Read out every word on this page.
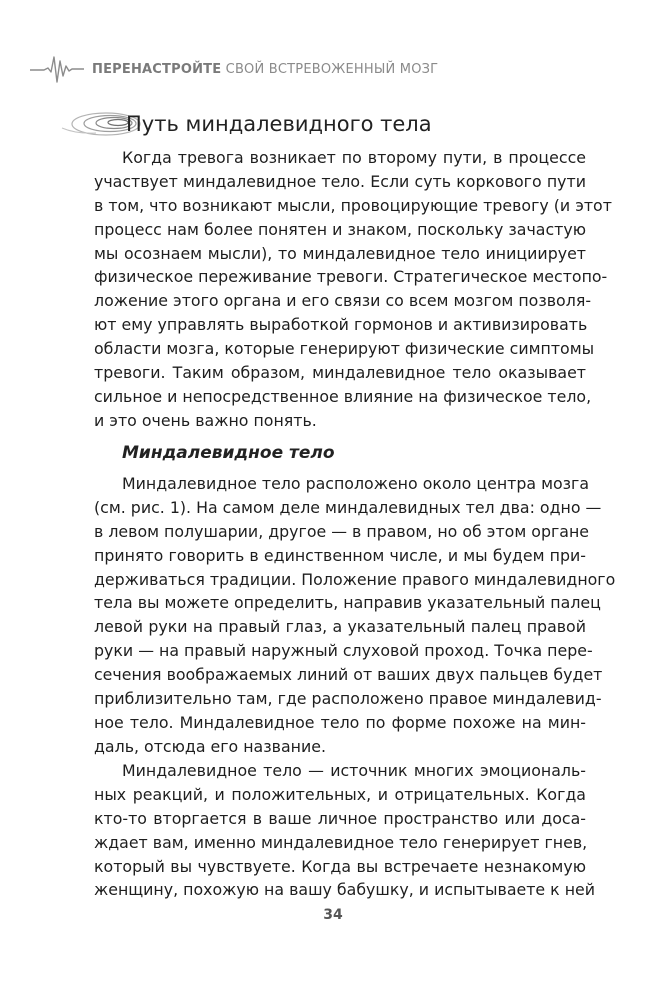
ПЕРЕНАСТРОЙТЕ СВОЙ ВСТРЕВОЖЕННЫЙ МОЗГ
Путь миндалевидного тела
Когда тревога возникает по второму пути, в процессе
участвует миндалевидное тело. Если суть коркового пути
в том, что возникают мысли, провоцирующие тревогу (и этот
процесс нам более понятен и знаком, поскольку зачастую
мы осознаем мысли), то миндалевидное тело инициирует
физическое переживание тревоги. Стратегическое местопо-
ложение этого органа и его связи со всем мозгом позволя-
ют ему управлять выработкой гормонов и активизировать
области мозга, которые генерируют физические симптомы
тревоги. Таким образом, миндалевидное тело оказывает
сильное и непосредственное влияние на физическое тело,
и это очень важно понять.
Миндалевидное тело
Миндалевидное тело расположено около центра мозга
(см. рис. 1). На самом деле миндалевидных тел два: одно —
в левом полушарии, другое — в правом, но об этом органе
принято говорить в единственном числе, и мы будем при-
держиваться традиции. Положение правого миндалевидного
тела вы можете определить, направив указательный палец
левой руки на правый глаз, а указательный палец правой
руки — на правый наружный слуховой проход. Точка пере-
сечения воображаемых линий от ваших двух пальцев будет
приблизительно там, где расположено правое миндалевид-
ное тело. Миндалевидное тело по форме похоже на мин-
даль, отсюда его название.
Миндалевидное тело — источник многих эмоциональ-
ных реакций, и положительных, и отрицательных. Когда
кто-то вторгается в ваше личное пространство или доса-
ждает вам, именно миндалевидное тело генерирует гнев,
который вы чувствуете. Когда вы встречаете незнакомую
женщину, похожую на вашу бабушку, и испытываете к ней
34
